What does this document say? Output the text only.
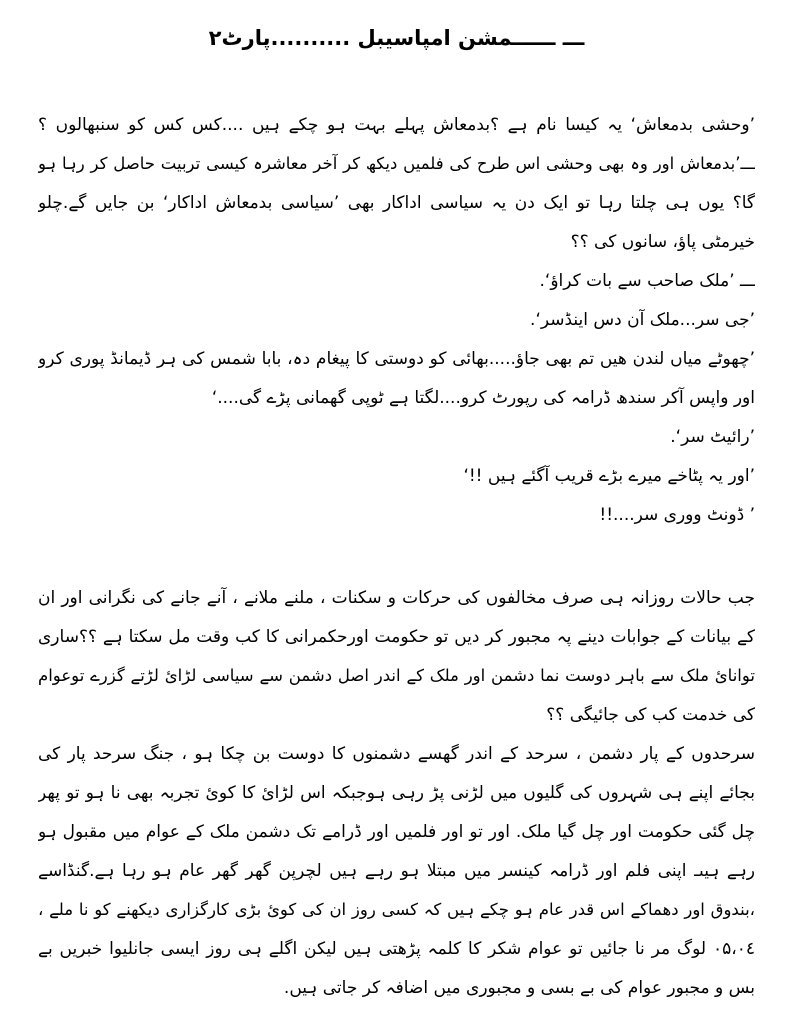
ـــ ــــــمشن امپاسیبل ..........پارٹ۲
’وحشی بدمعاش‘ یہ کیسا نام ہے ؟بدمعاش پہلے بہت ہو چکے ہیں ....کس کس کو سنبھالوں ؟
ـــ’بدمعاش اور وہ بھی وحشی اس طرح کی فلمیں دیکھ کر آخر معاشرہ کیسی تربیت حاصل کر رہا ہو
گا؟ یوں ہی چلتا رہا تو ایک دن یہ سیاسی اداکار بھی ’سیاسی بدمعاش اداکار‘ بن جایں گے.چلو
خیرمٹی پاؤ، سانوں کی ؟؟
ـــ ’ملک صاحب سے بات کراؤ‘.
’جی سر...ملک آن دس اینڈسر‘.
’چھوٹے میاں لندن ھیں تم بھی جاؤ.....بھائی کو دوستی کا پیغام دہ، بابا شمس کی ہر ڈیمانڈ پوری کرو
اور واپس آکر سندھ ڈرامہ کی رپورٹ کرو....لگتا ہے ٹوپی گھمانی پڑے گی....‘
’رائیٹ سر‘.
’اور یہ پٹاخے میرے بڑے قریب آگئے ہیں !!‘
’ ڈونٹ ووری سر....!!
جب حالات روزانہ ہی صرف مخالفوں کی حرکات و سکنات ، ملنے ملانے ، آنے جانے کی نگرانی اور ان
کے بیانات کے جوابات دینے پہ مجبور کر دیں تو حکومت اورحکمرانی کا کب وقت مل سکتا ہے ؟؟ساری
توانائ ملک سے باہر دوست نما دشمن اور ملک کے اندر اصل دشمن سے سیاسی لڑائ لڑتے گزرے توعوام
کی خدمت کب کی جائیگی ؟؟
سرحدوں کے پار دشمن ، سرحد کے اندر گھسے دشمنوں کا دوست بن چکا ہو ، جنگ سرحد پار کی
بجائے اپنے ہی شہروں کی گلیوں میں لڑنی پڑ رہی ہوجبکہ اس لڑائ کا کوئ تجربہ بھی نا ہو تو پھر
چل گئی حکومت اور چل گیا ملک. اور تو اور فلمیں اور ڈرامے تک دشمن ملک کے عوام میں مقبول ہو
رہے ہیںـ اپنی فلم اور ڈرامہ کینسر میں مبتلا ہو رہے ہیں لچرپن گھر گھر عام ہو رہا ہے.گنڈاسے
،بندوق اور دھماکے اس قدر عام ہو چکے ہیں کہ کسی روز ان کی کوئ بڑی کارگزاری دیکھنے کو نا ملے ،
۰۵،۰٤ لوگ مر نا جائیں تو عوام شکر کا کلمہ پڑھتی ہیں لیکن اگلے ہی روز ایسی جانلیوا خبریں بے
بس و مجبور عوام کی بے بسی و مجبوری میں اضافہ کر جاتی ہیں.
